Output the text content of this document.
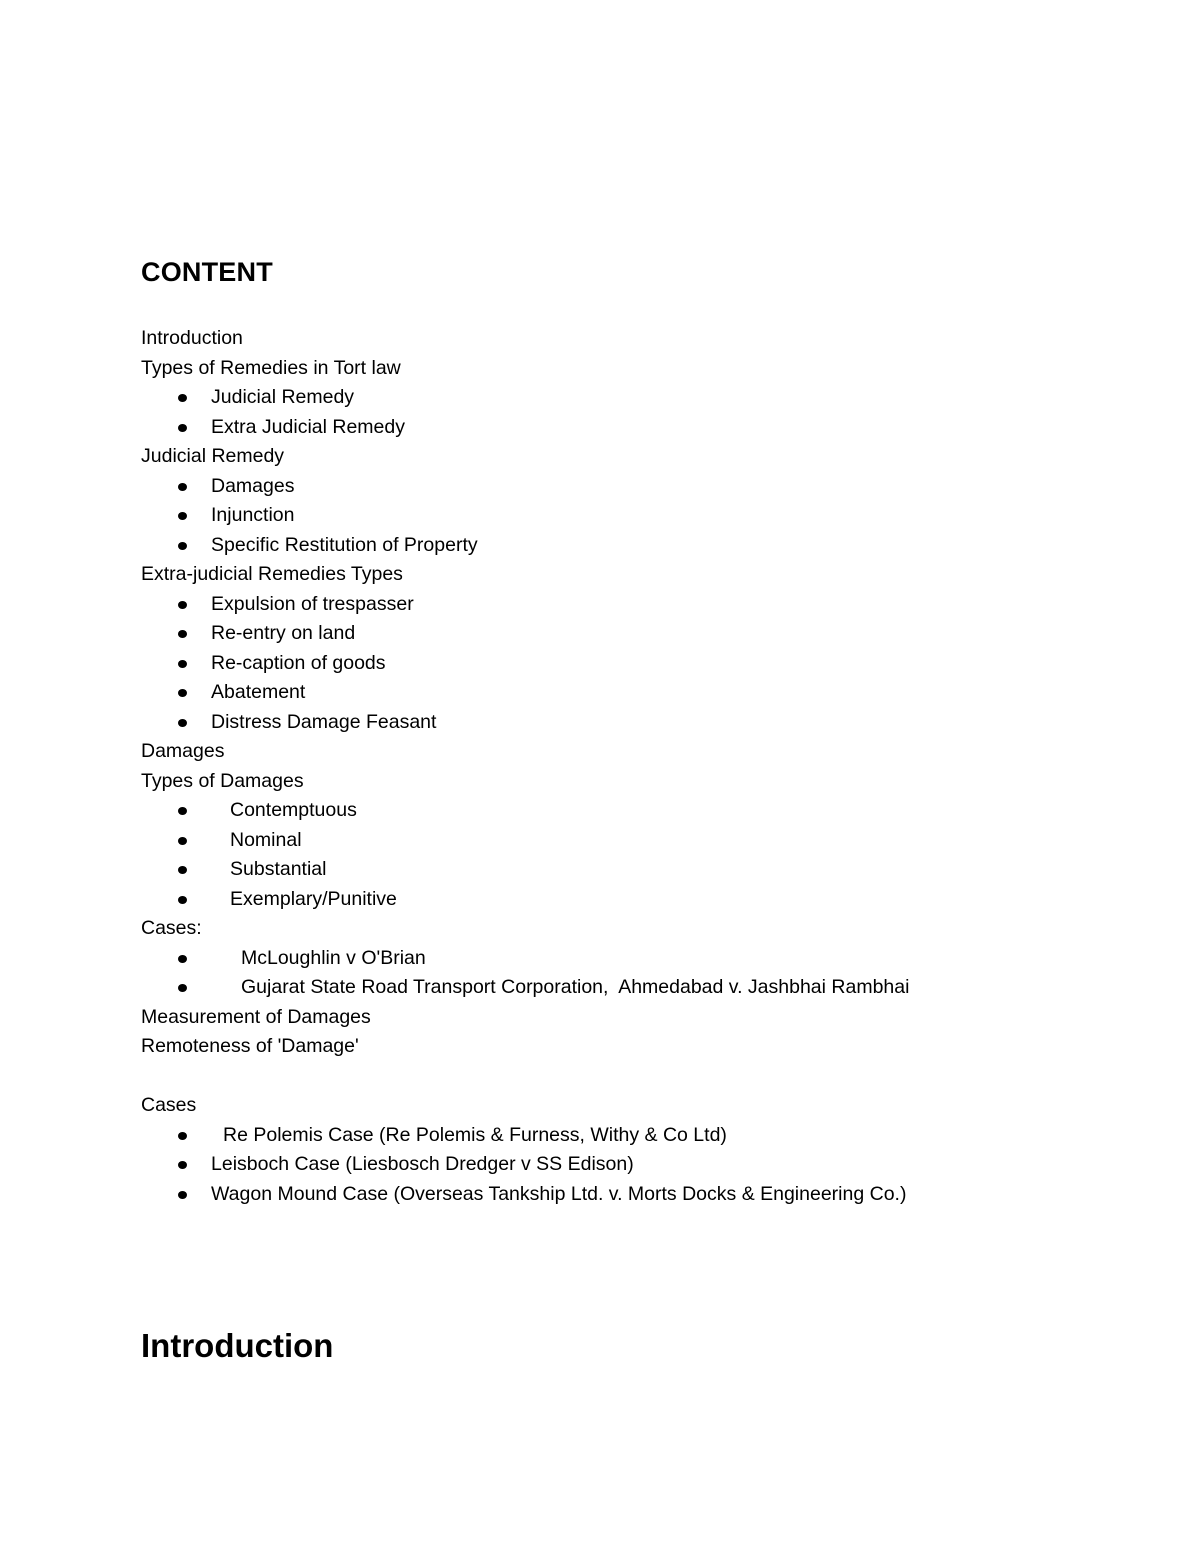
CONTENT
Introduction
Types of Remedies in Tort law
Judicial Remedy
Extra Judicial Remedy
Judicial Remedy
Damages
Injunction
Specific Restitution of Property
Extra-judicial Remedies Types
Expulsion of trespasser
Re-entry on land
Re-caption of goods
Abatement
Distress Damage Feasant
Damages
Types of Damages
Contemptuous
Nominal
Substantial
Exemplary/Punitive
Cases:
McLoughlin v O'Brian
Gujarat State Road Transport Corporation,  Ahmedabad v. Jashbhai Rambhai
Measurement of Damages
Remoteness of 'Damage'
Cases
Re Polemis Case (Re Polemis & Furness, Withy & Co Ltd)
Leisboch Case (Liesbosch Dredger v SS Edison)
Wagon Mound Case (Overseas Tankship Ltd. v. Morts Docks & Engineering Co.)
Introduction
